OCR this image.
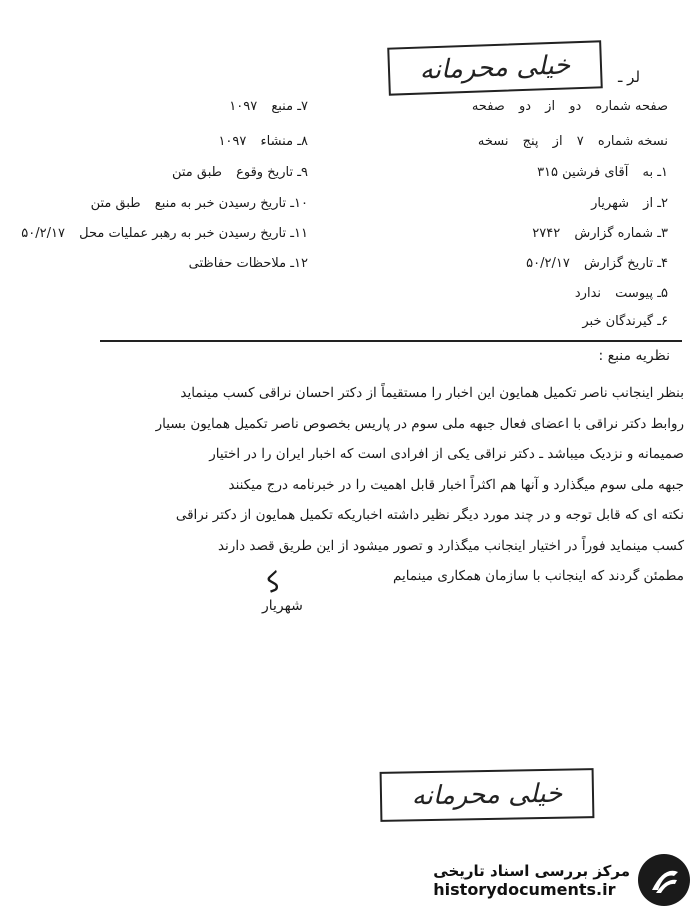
خیلی محرمانه	لر ـ
صفحه شماره دو از دو صفحه
نسخه شماره ۷ از پنج نسخه
۱ـ به آقای فرشین ۳۱۵
۲ـ از شهریار
۳ـ شماره گزارش ۲۷۴۲
۴ـ تاریخ گزارش ۵۰/۲/۱۷
۵ـ پیوست ندارد
۶ـ گیرندگان خبر
۷ـ منبع ۱۰۹۷
۸ـ منشاء ۱۰۹۷
۹ـ تاریخ وقوع طبق متن
۱۰ـ تاریخ رسیدن خبر به منبع طبق متن
۱۱ـ تاریخ رسیدن خبر به رهبر عملیات محل ۵۰/۲/۱۷
۱۲ـ ملاحظات حفاظتی
نظریه منبع :

بنظر اینجانب ناصر تکمیل همایون این اخبار را مستقیماً از دکتر احسان نراقی کسب مینماید

روابط دکتر نراقی با اعضای فعال جبهه ملی سوم در پاریس بخصوص ناصر تکمیل همایون بسیار

صمیمانه و نزدیک میباشد ـ دکتر نراقی یکی از افرادی است که اخبار ایران را در اختیار

جبهه ملی سوم میگذارد و آنها هم اکثراً اخبار قابل اهمیت را در خبرنامه درج میکنند

نکته ای که قابل توجه و در چند مورد دیگر نظیر داشته اخباریکه تکمیل همایون از دکتر نراقی

کسب مینماید فوراً در اختیار اینجانب میگذارد و تصور میشود از این طریق قصد دارند

مطمئن گردند که اینجانب با سازمان همکاری مینمایم

ﮐ
شهریار
خیلی محرمانه
مرکز بررسی اسناد تاریخی
historydocuments.ir
